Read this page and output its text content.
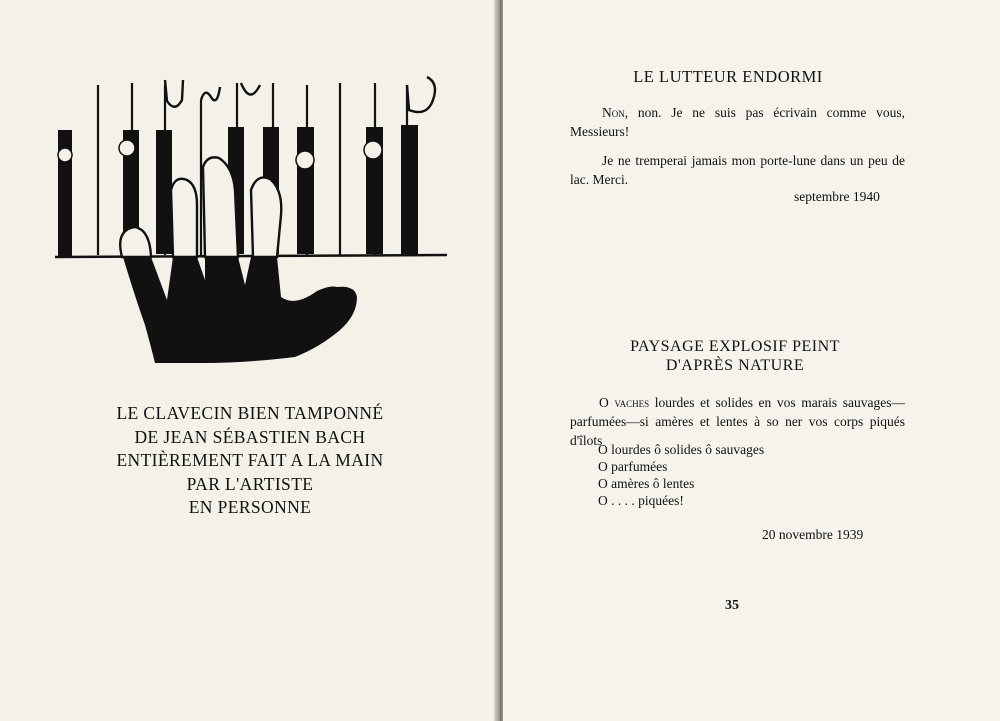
LE CLAVECIN BIEN TAMPONNÉ
DE JEAN SÉBASTIEN BACH
ENTIÈREMENT FAIT A LA MAIN
PAR L'ARTISTE
EN PERSONNE
LE LUTTEUR ENDORMI
Non, non. Je ne suis pas écrivain comme vous, Messieurs!
Je ne tremperai jamais mon porte-lune dans un peu de lac. Merci.
septembre 1940
PAYSAGE EXPLOSIF PEINT
D'APRÈS NATURE
O vaches lourdes et solides en vos marais sauvages—parfumées—si amères et lentes à so ner vos corps piqués d'îlots
O lourdes ô solides ô sauvages
O parfumées
O amères ô lentes
O . . . . piquées!
20 novembre 1939
35
